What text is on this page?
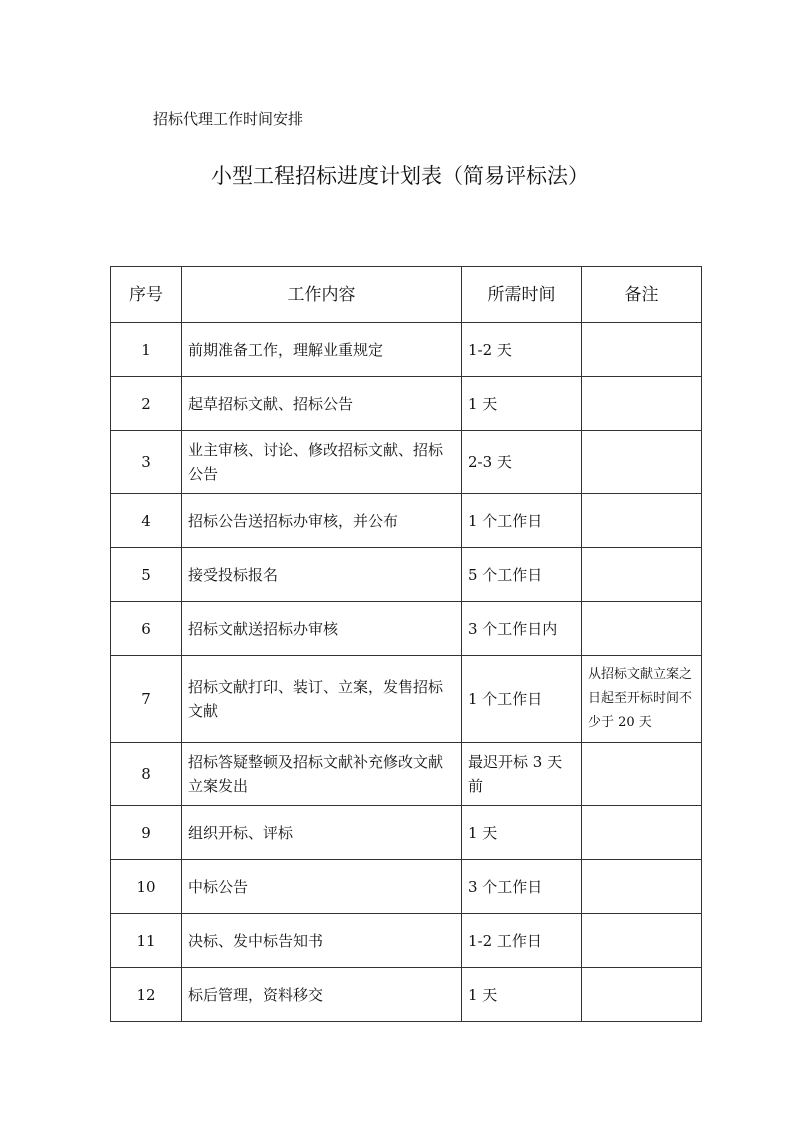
招标代理工作时间安排
小型工程招标进度计划表（简易评标法）
序号	工作内容	所需时间	备注
1	前期准备工作，理解业重规定	1-2 天	
2	起草招标文献、招标公告	1 天	
3	业主审核、讨论、修改招标文献、招标公告	2-3 天	
4	招标公告送招标办审核，并公布	1 个工作日	
5	接受投标报名	5 个工作日	
6	招标文献送招标办审核	3 个工作日内	
7	招标文献打印、装订、立案，发售招标文献	1 个工作日	从招标文献立案之日起至开标时间不少于 20 天
8	招标答疑整顿及招标文献补充修改文献立案发出	最迟开标 3 天前	
9	组织开标、评标	1 天	
10	中标公告	3 个工作日	
11	决标、发中标告知书	1-2 工作日	
12	标后管理，资料移交	1 天	
